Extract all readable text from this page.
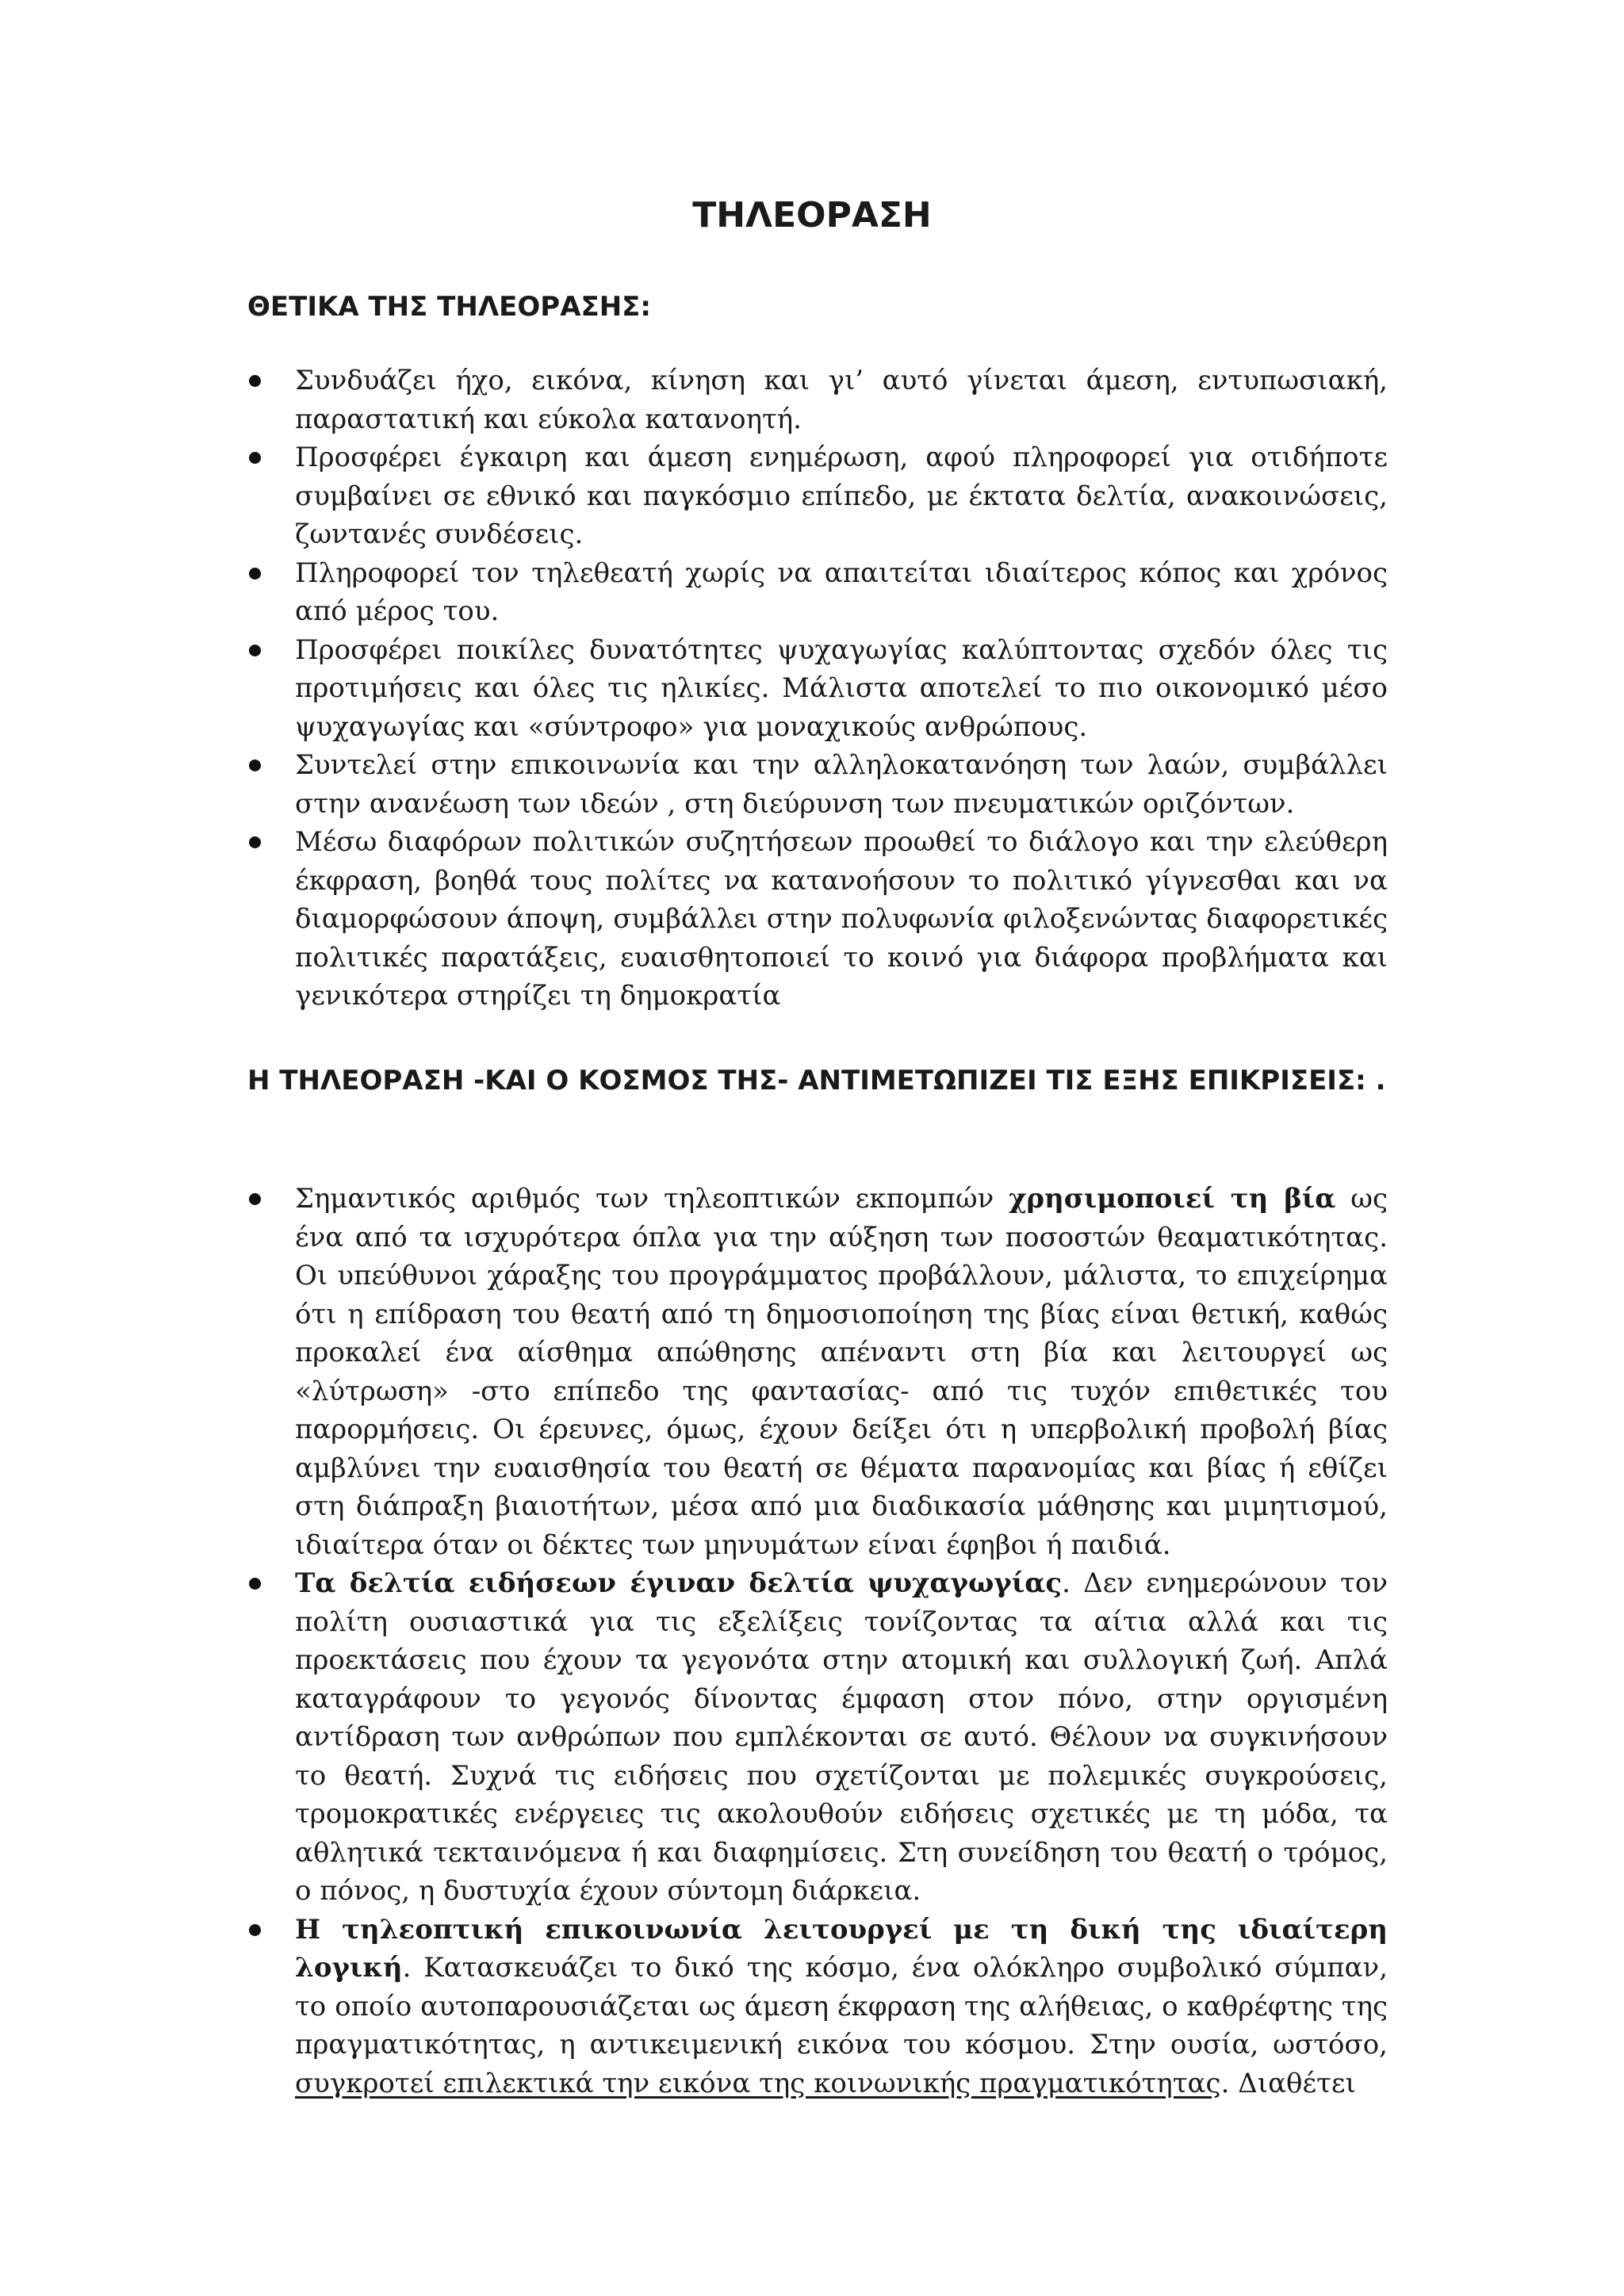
ΤΗΛΕΟΡΑΣΗ
ΘΕΤΙΚΑ ΤΗΣ ΤΗΛΕΟΡΑΣΗΣ:
Συνδυάζει ήχο, εικόνα, κίνηση και γι’ αυτό γίνεται άμεση, εντυπωσιακή, παραστατική και εύκολα κατανοητή.
Προσφέρει έγκαιρη και άμεση ενημέρωση, αφού πληροφορεί για οτιδήποτε συμβαίνει σε εθνικό και παγκόσμιο επίπεδο, με έκτατα δελτία, ανακοινώσεις, ζωντανές συνδέσεις.
Πληροφορεί τον τηλεθεατή χωρίς να απαιτείται ιδιαίτερος κόπος και χρόνος από μέρος του.
Προσφέρει ποικίλες δυνατότητες ψυχαγωγίας καλύπτοντας σχεδόν όλες τις προτιμήσεις και όλες τις ηλικίες. Μάλιστα αποτελεί το πιο οικονομικό μέσο ψυχαγωγίας και «σύντροφο» για μοναχικούς ανθρώπους.
Συντελεί στην επικοινωνία και την αλληλοκατανόηση των λαών, συμβάλλει στην ανανέωση των ιδεών , στη διεύρυνση των πνευματικών οριζόντων.
Μέσω διαφόρων πολιτικών συζητήσεων προωθεί το διάλογο και την ελεύθερη έκφραση, βοηθά τους πολίτες να κατανοήσουν το πολιτικό γίγνεσθαι και να διαμορφώσουν άποψη, συμβάλλει στην πολυφωνία φιλοξενώντας διαφορετικές πολιτικές παρατάξεις, ευαισθητοποιεί το κοινό για διάφορα προβλήματα και γενικότερα στηρίζει τη δημοκρατία
Η ΤΗΛΕΟΡΑΣΗ -ΚΑΙ Ο ΚΟΣΜΟΣ ΤΗΣ- ΑΝΤΙΜΕΤΩΠΙΖΕΙ ΤΙΣ ΕΞΗΣ ΕΠΙΚΡΙΣΕΙΣ: .
Σημαντικός αριθμός των τηλεοπτικών εκπομπών χρησιμοποιεί τη βία ως ένα από τα ισχυρότερα όπλα για την αύξηση των ποσοστών θεαματικότητας. Οι υπεύθυνοι χάραξης του προγράμματος προβάλλουν, μάλιστα, το επιχείρημα ότι η επίδραση του θεατή από τη δημοσιοποίηση της βίας είναι θετική, καθώς προκαλεί ένα αίσθημα απώθησης απέναντι στη βία και λειτουργεί ως «λύτρωση» -στο επίπεδο της φαντασίας- από τις τυχόν επιθετικές του παρορμήσεις. Οι έρευνες, όμως, έχουν δείξει ότι η υπερβολική προβολή βίας αμβλύνει την ευαισθησία του θεατή σε θέματα παρανομίας και βίας ή εθίζει στη διάπραξη βιαιοτήτων, μέσα από μια διαδικασία μάθησης και μιμητισμού, ιδιαίτερα όταν οι δέκτες των μηνυμάτων είναι έφηβοι ή παιδιά.
Τα δελτία ειδήσεων έγιναν δελτία ψυχαγωγίας. Δεν ενημερώνουν τον πολίτη ουσιαστικά για τις εξελίξεις τονίζοντας τα αίτια αλλά και τις προεκτάσεις που έχουν τα γεγονότα στην ατομική και συλλογική ζωή. Απλά καταγράφουν το γεγονός δίνοντας έμφαση στον πόνο, στην οργισμένη αντίδραση των ανθρώπων που εμπλέκονται σε αυτό. Θέλουν να συγκινήσουν το θεατή. Συχνά τις ειδήσεις που σχετίζονται με πολεμικές συγκρούσεις, τρομοκρατικές ενέργειες τις ακολουθούν ειδήσεις σχετικές με τη μόδα, τα αθλητικά τεκταινόμενα ή και διαφημίσεις. Στη συνείδηση του θεατή ο τρόμος, ο πόνος, η δυστυχία έχουν σύντομη διάρκεια.
Η τηλεοπτική επικοινωνία λειτουργεί με τη δική της ιδιαίτερη λογική. Κατασκευάζει το δικό της κόσμο, ένα ολόκληρο συμβολικό σύμπαν, το οποίο αυτοπαρουσιάζεται ως άμεση έκφραση της αλήθειας, ο καθρέφτης της πραγματικότητας, η αντικειμενική εικόνα του κόσμου. Στην ουσία, ωστόσο, συγκροτεί επιλεκτικά την εικόνα της κοινωνικής πραγματικότητας. Διαθέτει
